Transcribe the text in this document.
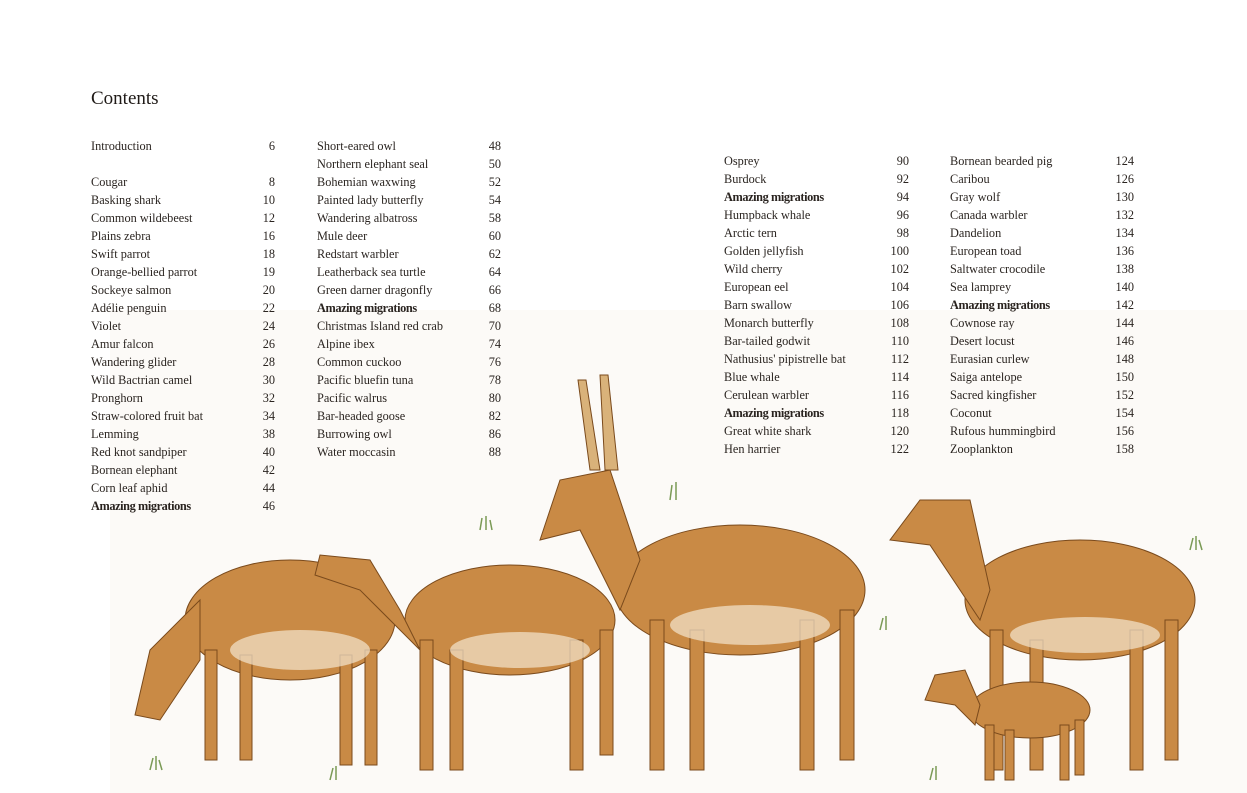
Contents
Introduction	6
Cougar	8
Basking shark	10
Common wildebeest	12
Plains zebra	16
Swift parrot	18
Orange-bellied parrot	19
Sockeye salmon	20
Adélie penguin	22
Violet	24
Amur falcon	26
Wandering glider	28
Wild Bactrian camel	30
Pronghorn	32
Straw-colored fruit bat	34
Lemming	38
Red knot sandpiper	40
Bornean elephant	42
Corn leaf aphid	44
Amazing migrations	46
Short-eared owl	48
Northern elephant seal	50
Bohemian waxwing	52
Painted lady butterfly	54
Wandering albatross	58
Mule deer	60
Redstart warbler	62
Leatherback sea turtle	64
Green darner dragonfly	66
Amazing migrations	68
Christmas Island red crab	70
Alpine ibex	74
Common cuckoo	76
Pacific bluefin tuna	78
Pacific walrus	80
Bar-headed goose	82
Burrowing owl	86
Water moccasin	88
Osprey	90
Burdock	92
Amazing migrations	94
Humpback whale	96
Arctic tern	98
Golden jellyfish	100
Wild cherry	102
European eel	104
Barn swallow	106
Monarch butterfly	108
Bar-tailed godwit	110
Nathusius' pipistrelle bat	112
Blue whale	114
Cerulean warbler	116
Amazing migrations	118
Great white shark	120
Hen harrier	122
Bornean bearded pig	124
Caribou	126
Gray wolf	130
Canada warbler	132
Dandelion	134
European toad	136
Saltwater crocodile	138
Sea lamprey	140
Amazing migrations	142
Cownose ray	144
Desert locust	146
Eurasian curlew	148
Saiga antelope	150
Sacred kingfisher	152
Coconut	154
Rufous hummingbird	156
Zooplankton	158
